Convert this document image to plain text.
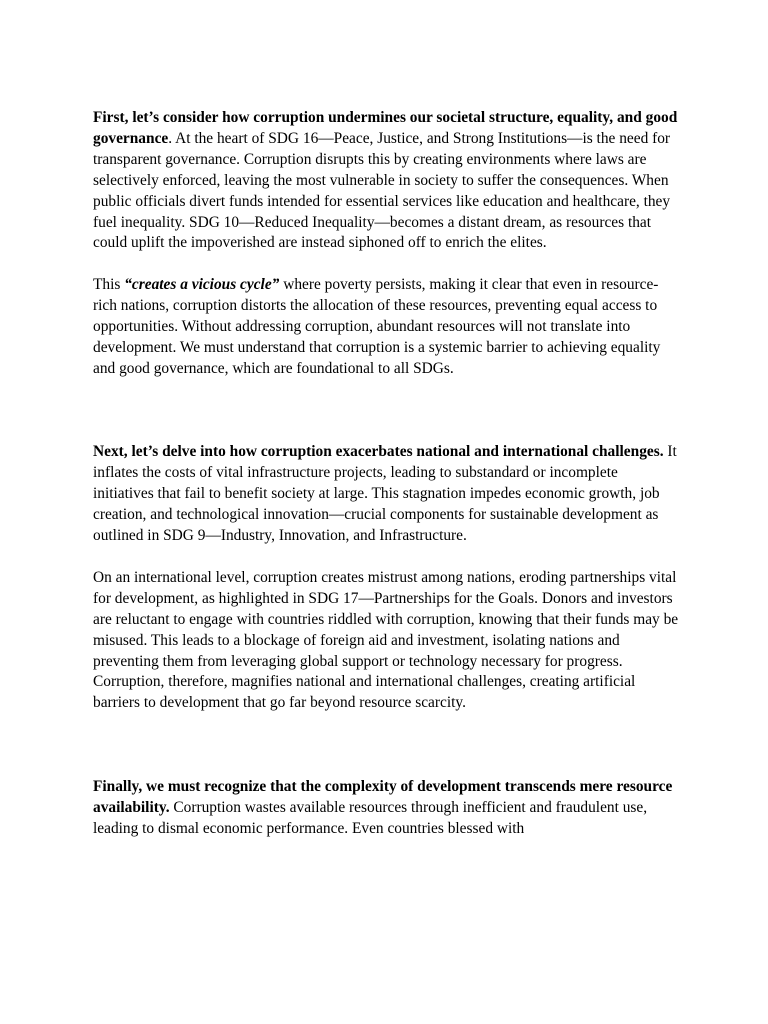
First, let’s consider how corruption undermines our societal structure, equality, and good governance. At the heart of SDG 16—Peace, Justice, and Strong Institutions—is the need for transparent governance. Corruption disrupts this by creating environments where laws are selectively enforced, leaving the most vulnerable in society to suffer the consequences. When public officials divert funds intended for essential services like education and healthcare, they fuel inequality. SDG 10—Reduced Inequality—becomes a distant dream, as resources that could uplift the impoverished are instead siphoned off to enrich the elites.

This “creates a vicious cycle” where poverty persists, making it clear that even in resource-rich nations, corruption distorts the allocation of these resources, preventing equal access to opportunities. Without addressing corruption, abundant resources will not translate into development. We must understand that corruption is a systemic barrier to achieving equality and good governance, which are foundational to all SDGs.

Next, let’s delve into how corruption exacerbates national and international challenges. It inflates the costs of vital infrastructure projects, leading to substandard or incomplete initiatives that fail to benefit society at large. This stagnation impedes economic growth, job creation, and technological innovation—crucial components for sustainable development as outlined in SDG 9—Industry, Innovation, and Infrastructure.

On an international level, corruption creates mistrust among nations, eroding partnerships vital for development, as highlighted in SDG 17—Partnerships for the Goals. Donors and investors are reluctant to engage with countries riddled with corruption, knowing that their funds may be misused. This leads to a blockage of foreign aid and investment, isolating nations and preventing them from leveraging global support or technology necessary for progress. Corruption, therefore, magnifies national and international challenges, creating artificial barriers to development that go far beyond resource scarcity.

Finally, we must recognize that the complexity of development transcends mere resource availability. Corruption wastes available resources through inefficient and fraudulent use, leading to dismal economic performance. Even countries blessed with
